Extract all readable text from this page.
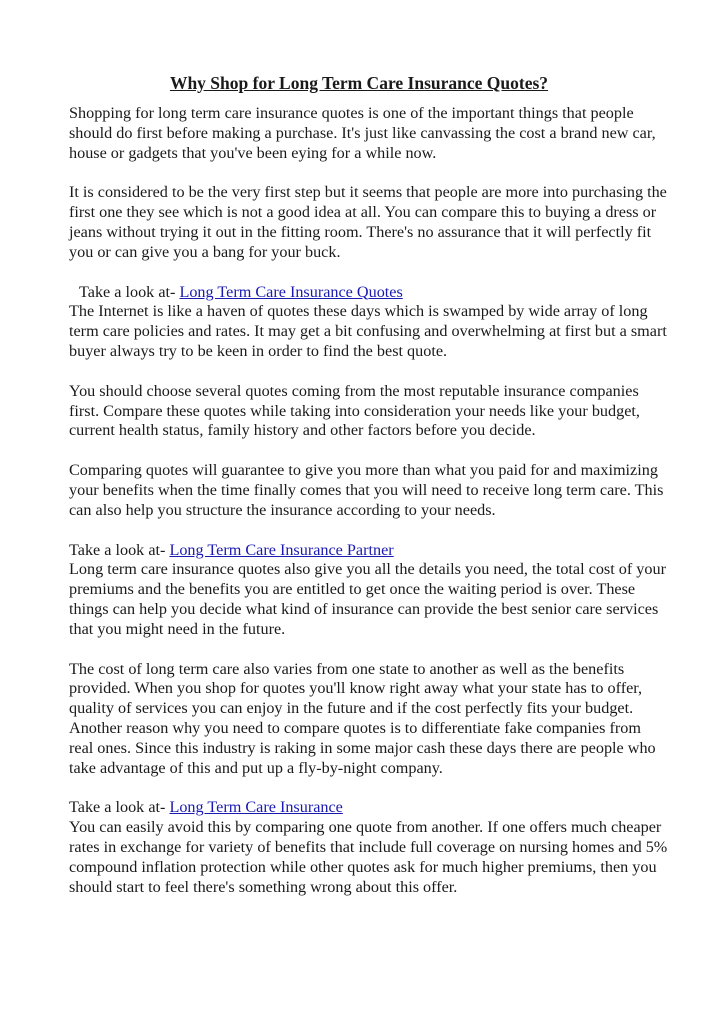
Why Shop for Long Term Care Insurance Quotes?

Shopping for long term care insurance quotes is one of the important things that people should do first before making a purchase. It's just like canvassing the cost a brand new car, house or gadgets that you've been eying for a while now.

It is considered to be the very first step but it seems that people are more into purchasing the first one they see which is not a good idea at all. You can compare this to buying a dress or jeans without trying it out in the fitting room. There's no assurance that it will perfectly fit you or can give you a bang for your buck.

Take a look at- Long Term Care Insurance Quotes

The Internet is like a haven of quotes these days which is swamped by wide array of long term care policies and rates. It may get a bit confusing and overwhelming at first but a smart buyer always try to be keen in order to find the best quote.

You should choose several quotes coming from the most reputable insurance companies first. Compare these quotes while taking into consideration your needs like your budget, current health status, family history and other factors before you decide.

Comparing quotes will guarantee to give you more than what you paid for and maximizing your benefits when the time finally comes that you will need to receive long term care. This can also help you structure the insurance according to your needs.

Take a look at- Long Term Care Insurance Partner

Long term care insurance quotes also give you all the details you need, the total cost of your premiums and the benefits you are entitled to get once the waiting period is over. These things can help you decide what kind of insurance can provide the best senior care services that you might need in the future.

The cost of long term care also varies from one state to another as well as the benefits provided. When you shop for quotes you'll know right away what your state has to offer, quality of services you can enjoy in the future and if the cost perfectly fits your budget.

Another reason why you need to compare quotes is to differentiate fake companies from real ones. Since this industry is raking in some major cash these days there are people who take advantage of this and put up a fly-by-night company.

Take a look at- Long Term Care Insurance

You can easily avoid this by comparing one quote from another. If one offers much cheaper rates in exchange for variety of benefits that include full coverage on nursing homes and 5% compound inflation protection while other quotes ask for much higher premiums, then you should start to feel there's something wrong about this offer.
